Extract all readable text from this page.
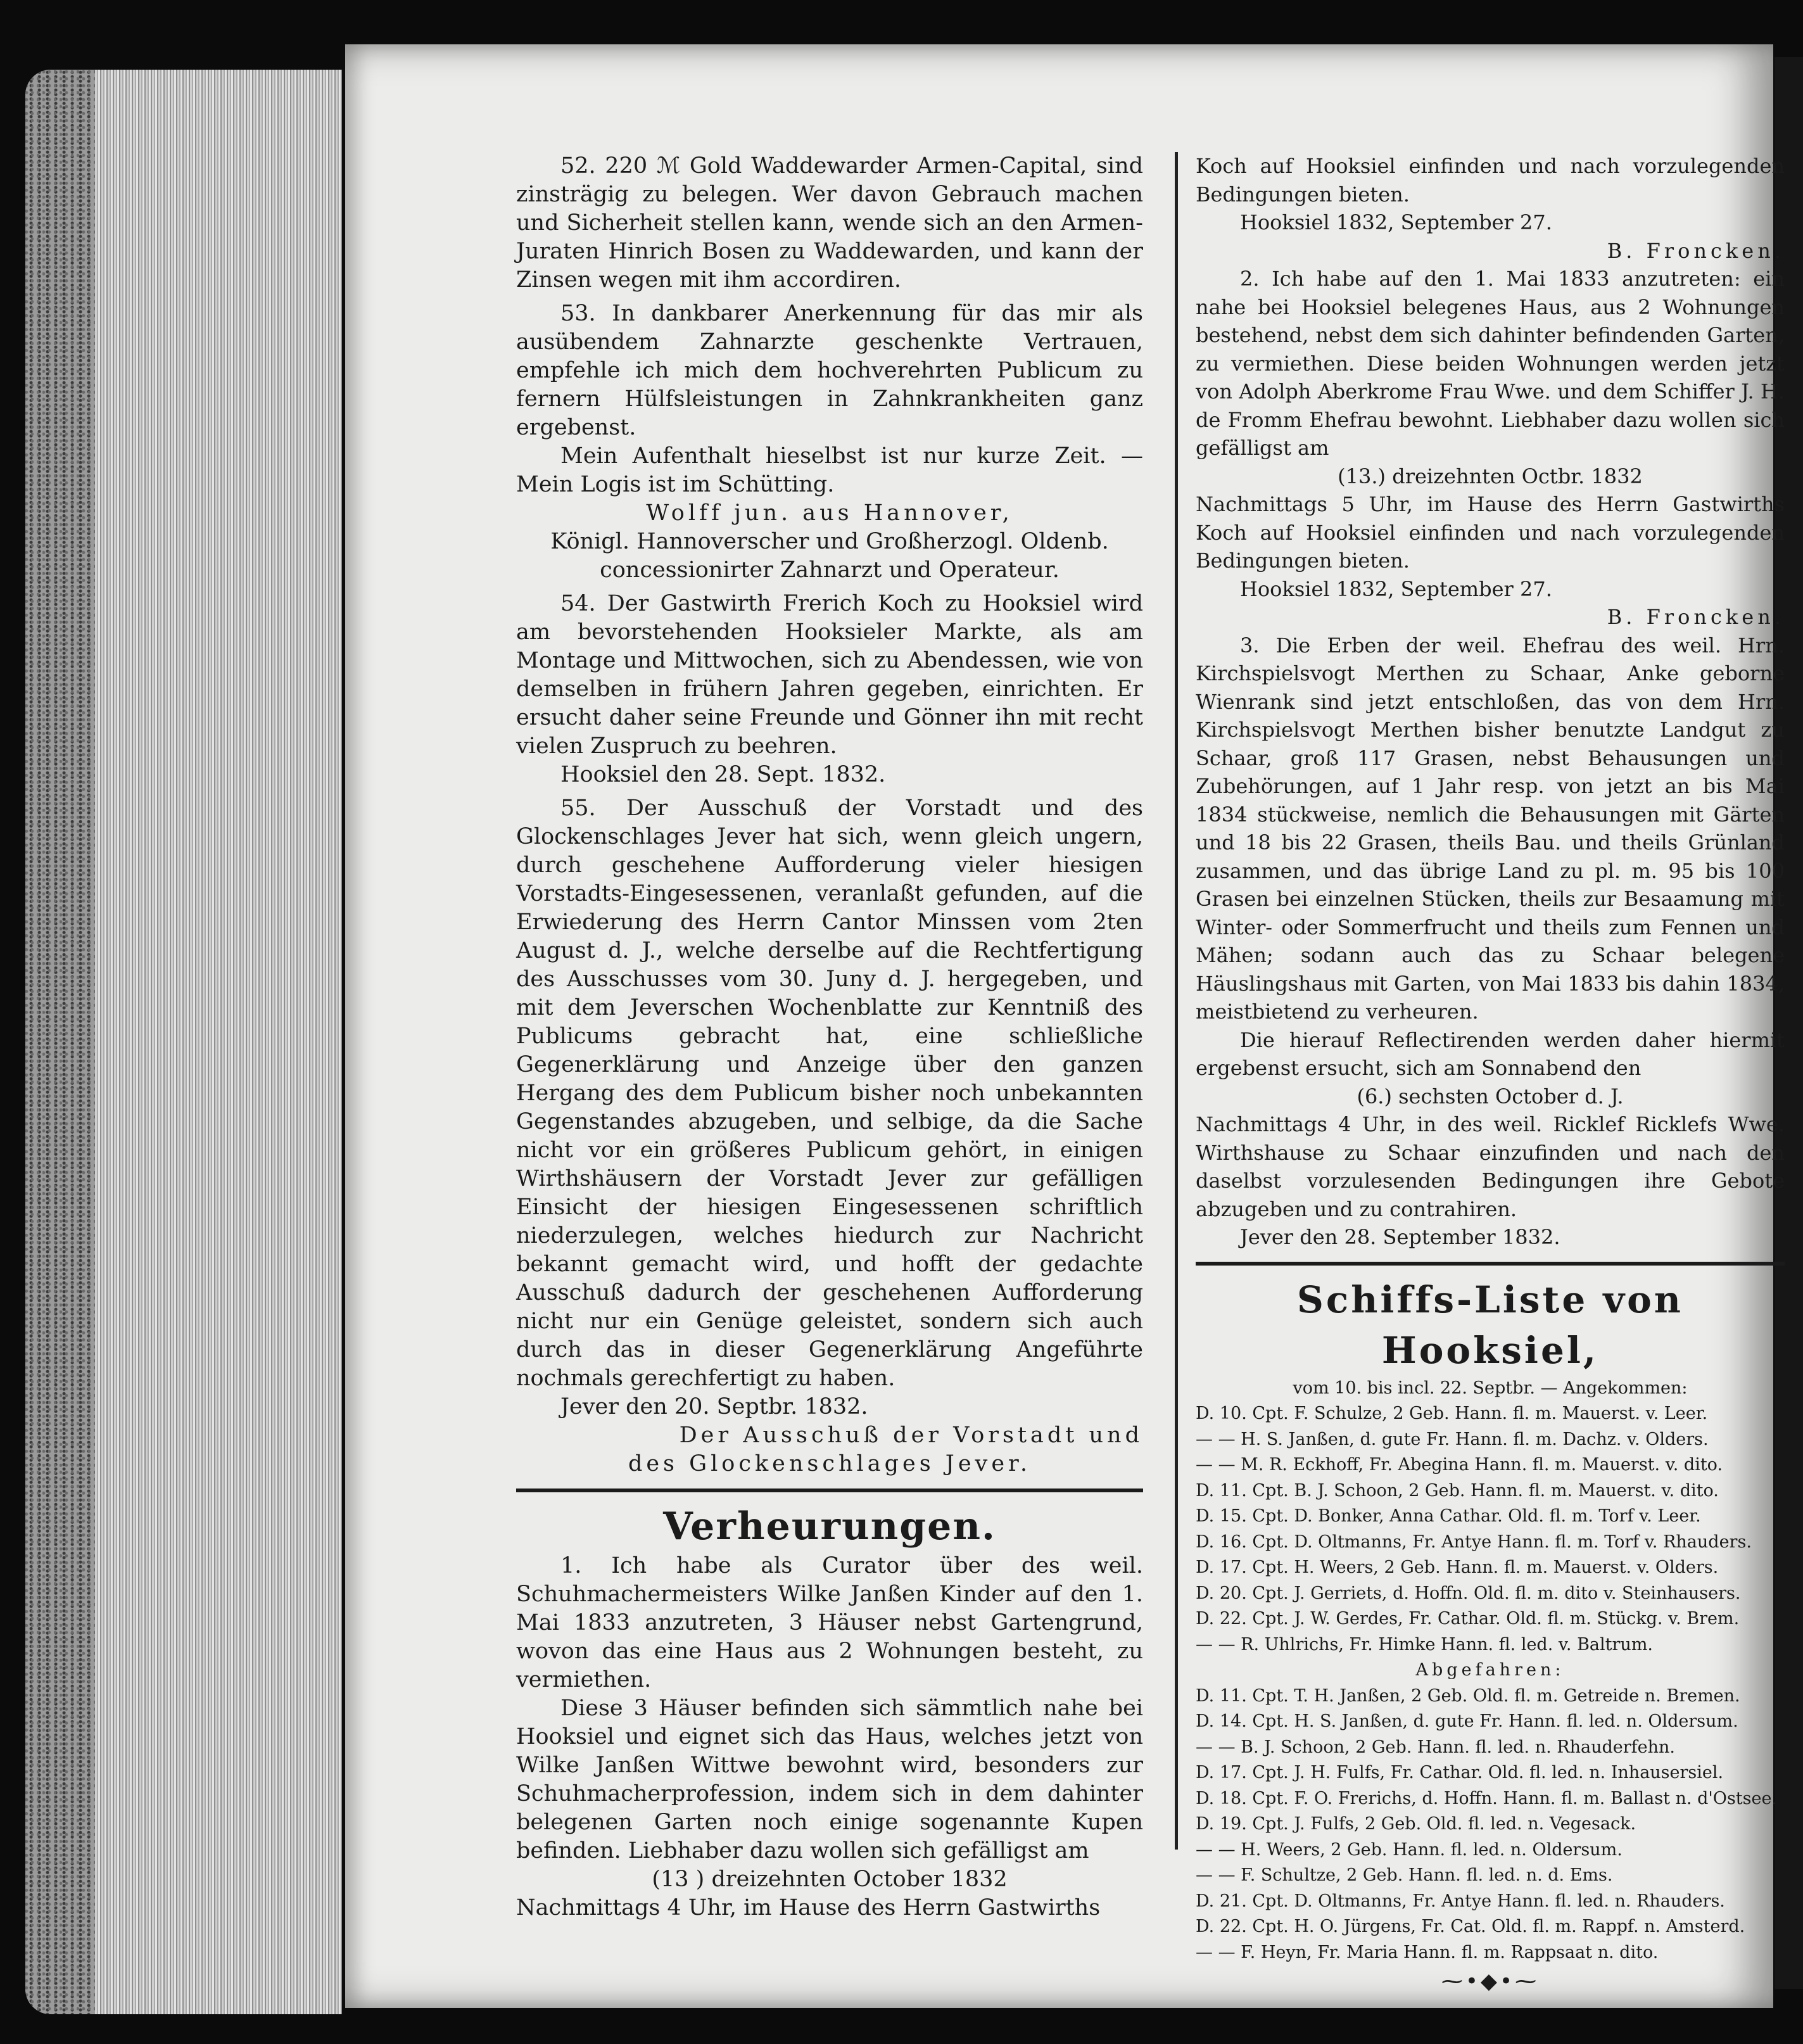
52. 220 ℳ Gold Waddewarder Armen-Capital, sind zinsträgig zu belegen. Wer davon Gebrauch machen und Sicherheit stellen kann, wende sich an den Armen-Juraten Hinrich Bosen zu Waddewarden, und kann der Zinsen wegen mit ihm accordiren.

53. In dankbarer Anerkennung für das mir als ausübendem Zahnarzte geschenkte Vertrauen, empfehle ich mich dem hochverehrten Publicum zu fernern Hülfsleistungen in Zahnkrankheiten ganz ergebenst.

Mein Aufenthalt hieselbst ist nur kurze Zeit. — Mein Logis ist im Schütting.

Wolff jun. aus Hannover,

Königl. Hannoverscher und Großherzogl. Oldenb.

concessionirter Zahnarzt und Operateur.

54. Der Gastwirth Frerich Koch zu Hooksiel wird am bevorstehenden Hooksieler Markte, als am Montage und Mittwochen, sich zu Abendessen, wie von demselben in frühern Jahren gegeben, einrichten. Er ersucht daher seine Freunde und Gönner ihn mit recht vielen Zuspruch zu beehren.

Hooksiel den 28. Sept. 1832.

55. Der Ausschuß der Vorstadt und des Glockenschlages Jever hat sich, wenn gleich ungern, durch geschehene Aufforderung vieler hiesigen Vorstadts-Eingesessenen, veranlaßt gefunden, auf die Erwiederung des Herrn Cantor Minssen vom 2ten August d. J., welche derselbe auf die Rechtfertigung des Ausschusses vom 30. Juny d. J. hergegeben, und mit dem Jeverschen Wochenblatte zur Kenntniß des Publicums gebracht hat, eine schließliche Gegenerklärung und Anzeige über den ganzen Hergang des dem Publicum bisher noch unbekannten Gegenstandes abzugeben, und selbige, da die Sache nicht vor ein größeres Publicum gehört, in einigen Wirthshäusern der Vorstadt Jever zur gefälligen Einsicht der hiesigen Eingesessenen schriftlich niederzulegen, welches hiedurch zur Nachricht bekannt gemacht wird, und hofft der gedachte Ausschuß dadurch der geschehenen Aufforderung nicht nur ein Genüge geleistet, sondern sich auch durch das in dieser Gegenerklärung Angeführte nochmals gerechfertigt zu haben.

Jever den 20. Septbr. 1832.

Der Ausschuß der Vorstadt und

des Glockenschlages Jever.

Verheurungen.

1. Ich habe als Curator über des weil. Schuhmachermeisters Wilke Janßen Kinder auf den 1. Mai 1833 anzutreten, 3 Häuser nebst Gartengrund, wovon das eine Haus aus 2 Wohnungen besteht, zu vermiethen.

Diese 3 Häuser befinden sich sämmtlich nahe bei Hooksiel und eignet sich das Haus, welches jetzt von Wilke Janßen Wittwe bewohnt wird, besonders zur Schuhmacherprofession, indem sich in dem dahinter belegenen Garten noch einige sogenannte Kupen befinden. Liebhaber dazu wollen sich gefälligst am

(13 ) dreizehnten October 1832

Nachmittags 4 Uhr, im Hause des Herrn Gastwirths

Koch auf Hooksiel einfinden und nach vorzulegenden Bedingungen bieten.

Hooksiel 1832, September 27.

B. Froncken.

2. Ich habe auf den 1. Mai 1833 anzutreten: ein nahe bei Hooksiel belegenes Haus, aus 2 Wohnungen bestehend, nebst dem sich dahinter befindenden Garten, zu vermiethen. Diese beiden Wohnungen werden jetzt von Adolph Aberkrome Frau Wwe. und dem Schiffer J. H. de Fromm Ehefrau bewohnt. Liebhaber dazu wollen sich gefälligst am

(13.) dreizehnten Octbr. 1832

Nachmittags 5 Uhr, im Hause des Herrn Gastwirths Koch auf Hooksiel einfinden und nach vorzulegenden Bedingungen bieten.

Hooksiel 1832, September 27.

B. Froncken.

3. Die Erben der weil. Ehefrau des weil. Hrn. Kirchspielsvogt Merthen zu Schaar, Anke geborne Wienrank sind jetzt entschloßen, das von dem Hrn. Kirchspielsvogt Merthen bisher benutzte Landgut zu Schaar, groß 117 Grasen, nebst Behausungen und Zubehörungen, auf 1 Jahr resp. von jetzt an bis Mai 1834 stückweise, nemlich die Behausungen mit Gärten und 18 bis 22 Grasen, theils Bau. und theils Grünland zusammen, und das übrige Land zu pl. m. 95 bis 100 Grasen bei einzelnen Stücken, theils zur Besaamung mit Winter- oder Sommerfrucht und theils zum Fennen und Mähen; sodann auch das zu Schaar belegene Häuslingshaus mit Garten, von Mai 1833 bis dahin 1834, meistbietend zu verheuren.

Die hierauf Reflectirenden werden daher hiermit ergebenst ersucht, sich am Sonnabend den

(6.) sechsten October d. J.

Nachmittags 4 Uhr, in des weil. Ricklef Ricklefs Wwe. Wirthshause zu Schaar einzufinden und nach den daselbst vorzulesenden Bedingungen ihre Gebote abzugeben und zu contrahiren.

Jever den 28. September 1832.

Schiffs-Liste von Hooksiel,

vom 10. bis incl. 22. Septbr. — Angekommen:

D. 10. Cpt. F. Schulze, 2 Geb. Hann. fl. m. Mauerst. v. Leer.

— — H. S. Janßen, d. gute Fr. Hann. fl. m. Dachz. v. Olders.

— — M. R. Eckhoff, Fr. Abegina Hann. fl. m. Mauerst. v. dito.

D. 11. Cpt. B. J. Schoon, 2 Geb. Hann. fl. m. Mauerst. v. dito.

D. 15. Cpt. D. Bonker, Anna Cathar. Old. fl. m. Torf v. Leer.

D. 16. Cpt. D. Oltmanns, Fr. Antye Hann. fl. m. Torf v. Rhauders.

D. 17. Cpt. H. Weers, 2 Geb. Hann. fl. m. Mauerst. v. Olders.

D. 20. Cpt. J. Gerriets, d. Hoffn. Old. fl. m. dito v. Steinhausers.

D. 22. Cpt. J. W. Gerdes, Fr. Cathar. Old. fl. m. Stückg. v. Brem.

— — R. Uhlrichs, Fr. Himke Hann. fl. led. v. Baltrum.

Abgefahren:

D. 11. Cpt. T. H. Janßen, 2 Geb. Old. fl. m. Getreide n. Bremen.

D. 14. Cpt. H. S. Janßen, d. gute Fr. Hann. fl. led. n. Oldersum.

— — B. J. Schoon, 2 Geb. Hann. fl. led. n. Rhauderfehn.

D. 17. Cpt. J. H. Fulfs, Fr. Cathar. Old. fl. led. n. Inhausersiel.

D. 18. Cpt. F. O. Frerichs, d. Hoffn. Hann. fl. m. Ballast n. d'Ostsee.

D. 19. Cpt. J. Fulfs, 2 Geb. Old. fl. led. n. Vegesack.

— — H. Weers, 2 Geb. Hann. fl. led. n. Oldersum.

— — F. Schultze, 2 Geb. Hann. fl. led. n. d. Ems.

D. 21. Cpt. D. Oltmanns, Fr. Antye Hann. fl. led. n. Rhauders.

D. 22. Cpt. H. O. Jürgens, Fr. Cat. Old. fl. m. Rappf. n. Amsterd.

— — F. Heyn, Fr. Maria Hann. fl. m. Rappsaat n. dito.

⁓•◆•⁓
